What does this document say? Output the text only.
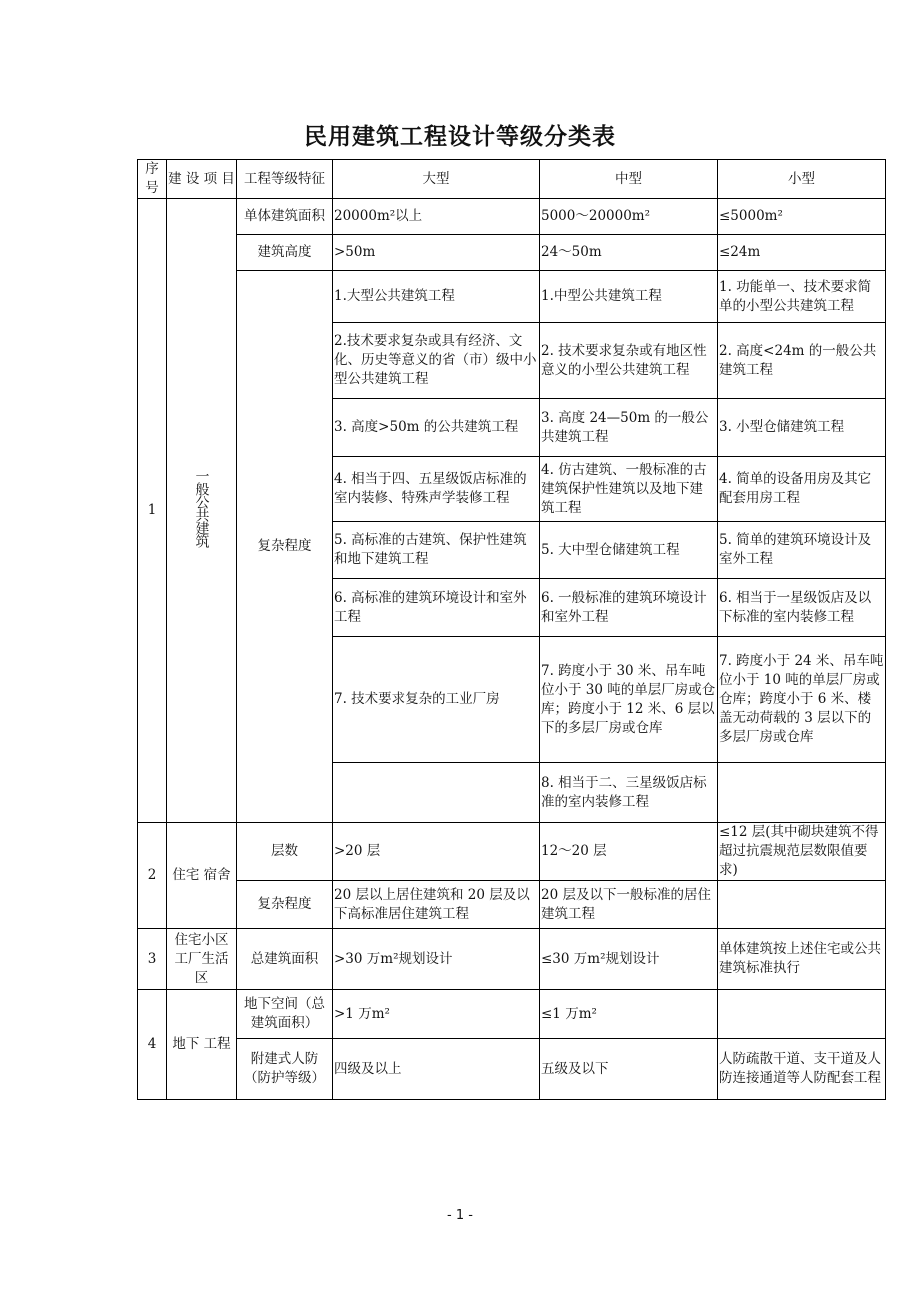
民用建筑工程设计等级分类表
序号	建 设 项 目	工程等级特征	大型	中型	小型
1	一般公共建筑	单体建筑面积	20000m²以上	5000～20000m²	≤5000m²
		建筑高度	>50m	24～50m	≤24m
		复杂程度	1.大型公共建筑工程	1.中型公共建筑工程	1. 功能单一、技术要求简单的小型公共建筑工程
			2.技术要求复杂或具有经济、文化、历史等意义的省（市）级中小型公共建筑工程	2. 技术要求复杂或有地区性意义的小型公共建筑工程	2. 高度<24m 的一般公共建筑工程
			3. 高度>50m 的公共建筑工程	3. 高度 24—50m 的一般公共建筑工程	3. 小型仓储建筑工程
			4. 相当于四、五星级饭店标准的室内装修、特殊声学装修工程	4. 仿古建筑、一般标准的古建筑保护性建筑以及地下建筑工程	4. 简单的设备用房及其它配套用房工程
			5. 高标准的古建筑、保护性建筑和地下建筑工程	5. 大中型仓储建筑工程	5. 简单的建筑环境设计及室外工程
			6. 高标准的建筑环境设计和室外工程	6. 一般标准的建筑环境设计和室外工程	6. 相当于一星级饭店及以下标准的室内装修工程
			7. 技术要求复杂的工业厂房	7. 跨度小于 30 米、吊车吨位小于 30 吨的单层厂房或仓库；跨度小于 12 米、6 层以下的多层厂房或仓库	7. 跨度小于 24 米、吊车吨位小于 10 吨的单层厂房或仓库；跨度小于 6 米、楼盖无动荷载的 3 层以下的多层厂房或仓库
				8. 相当于二、三星级饭店标准的室内装修工程	
2	住宅 宿舍	层数	>20 层	12～20 层	≤12 层(其中砌块建筑不得超过抗震规范层数限值要求)
		复杂程度	20 层以上居住建筑和 20 层及以下高标准居住建筑工程	20 层及以下一般标准的居住建筑工程	
3	住宅小区工厂生活区	总建筑面积	>30 万m²规划设计	≤30 万m²规划设计	单体建筑按上述住宅或公共建筑标准执行
4	地下 工程	地下空间（总建筑面积）	>1 万m²	≤1 万m²	
		附建式人防（防护等级）	四级及以上	五级及以下	人防疏散干道、支干道及人防连接通道等人防配套工程
- 1 -
